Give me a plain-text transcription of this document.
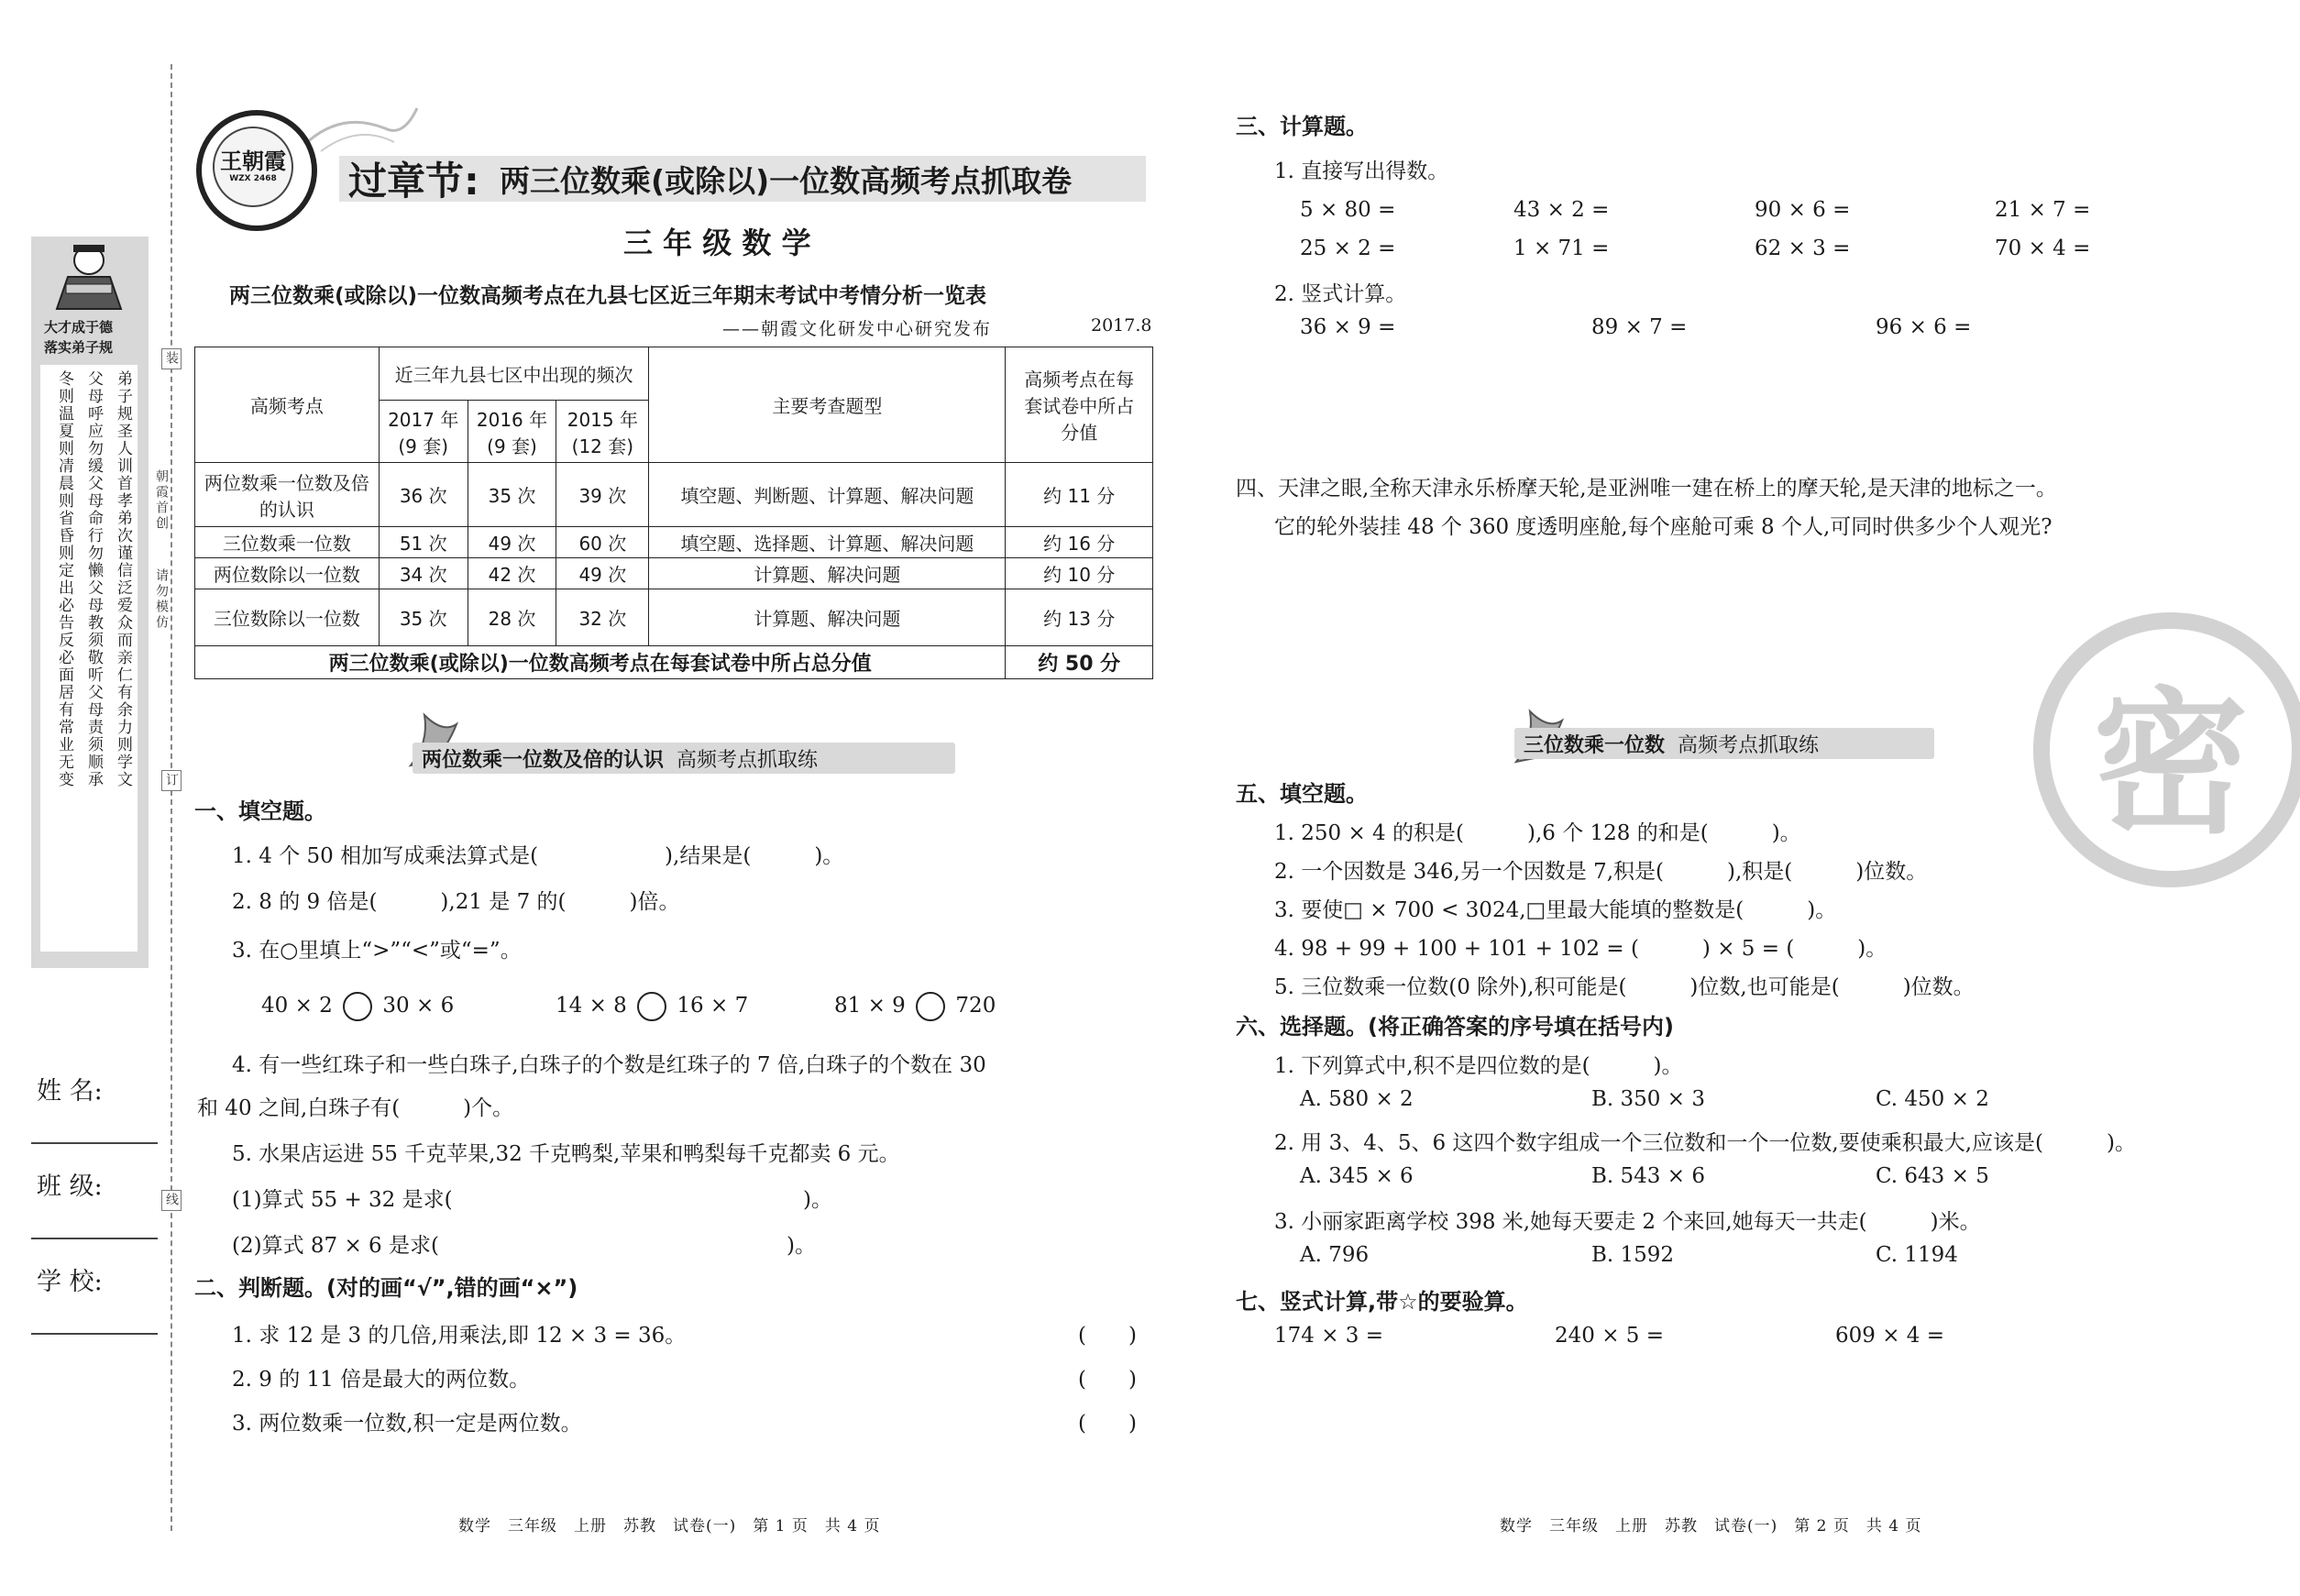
大才成于德
落实弟子规
弟子规圣人训首孝弟次谨信泛爱众而亲仁有余力则学文
父母呼应勿缓父母命行勿懒父母教须敬听父母责须顺承
冬则温夏则凊晨则省昏则定出必告反必面居有常业无变
装
订
线
朝霞首创
请勿模仿
姓 名:
班 级:
学 校:
王朝霞
WZX 2468 过章节: 两三位数乘(或除以)一位数高频考点抓取卷
三 年 级 数 学
两三位数乘(或除以)一位数高频考点在九县七区近三年期末考试中考情分析一览表
——朝霞文化研发中心研究发布	2017.8
高频考点	近三年九县七区中出现的频次			主要考查题型	高频考点在每套试卷中所占分值

	2017 年(9 套)	2016 年(9 套)	2015 年(12 套)		

两位数乘一位数及倍的认识	36 次	35 次	39 次	填空题、判断题、计算题、解决问题	约 11 分
三位数乘一位数	51 次	49 次	60 次	填空题、选择题、计算题、解决问题	约 16 分
两位数除以一位数	34 次	42 次	49 次	计算题、解决问题	约 10 分
三位数除以一位数	35 次	28 次	32 次	计算题、解决问题	约 13 分
两三位数乘(或除以)一位数高频考点在每套试卷中所占总分值					约 50 分
两位数乘一位数及倍的认识 高频考点抓取练
一、填空题。
1. 4 个 50 相加写成乘法算式是(　　　　　　),结果是(　　　)。
2. 8 的 9 倍是(　　　),21 是 7 的(　　　)倍。
3. 在○里填上“>”“<”或“=”。
40 × 2 30 × 6	14 × 8 16 × 7	81 × 9 720
4. 有一些红珠子和一些白珠子,白珠子的个数是红珠子的 7 倍,白珠子的个数在 30
和 40 之间,白珠子有(　　　)个。
5. 水果店运进 55 千克苹果,32 千克鸭梨,苹果和鸭梨每千克都卖 6 元。
(1)算式 55 + 32 是求(	)。
(2)算式 87 × 6 是求(	)。
二、判断题。(对的画“√”,错的画“×”)
1. 求 12 是 3 的几倍,用乘法,即 12 × 3 = 36。	(　　)
2. 9 的 11 倍是最大的两位数。	(　　)
3. 两位数乘一位数,积一定是两位数。	(　　)
数学　三年级　上册　苏教　试卷(一)　第 1 页　共 4 页
三、计算题。
1. 直接写出得数。
5 × 80 =	43 × 2 =	90 × 6 =	21 × 7 =
25 × 2 =	1 × 71 =	62 × 3 =	70 × 4 =
2. 竖式计算。
36 × 9 =	89 × 7 =	96 × 6 =
四、天津之眼,全称天津永乐桥摩天轮,是亚洲唯一建在桥上的摩天轮,是天津的地标之一。
它的轮外装挂 48 个 360 度透明座舱,每个座舱可乘 8 个人,可同时供多少个人观光?
密
三位数乘一位数 高频考点抓取练
五、填空题。
1. 250 × 4 的积是(　　　),6 个 128 的和是(　　　)。
2. 一个因数是 346,另一个因数是 7,积是(　　　),积是(　　　)位数。
3. 要使□ × 700 < 3024,□里最大能填的整数是(　　　)。
4. 98 + 99 + 100 + 101 + 102 = (　　　) × 5 = (　　　)。
5. 三位数乘一位数(0 除外),积可能是(　　　)位数,也可能是(　　　)位数。
六、选择题。(将正确答案的序号填在括号内)
1. 下列算式中,积不是四位数的是(　　　)。
A. 580 × 2	B. 350 × 3	C. 450 × 2
2. 用 3、4、5、6 这四个数字组成一个三位数和一个一位数,要使乘积最大,应该是(　　　)。
A. 345 × 6	B. 543 × 6	C. 643 × 5
3. 小丽家距离学校 398 米,她每天要走 2 个来回,她每天一共走(　　　)米。
A. 796	B. 1592	C. 1194
七、竖式计算,带☆的要验算。
174 × 3 =	240 × 5 =	609 × 4 =
数学　三年级　上册　苏教　试卷(一)　第 2 页　共 4 页
